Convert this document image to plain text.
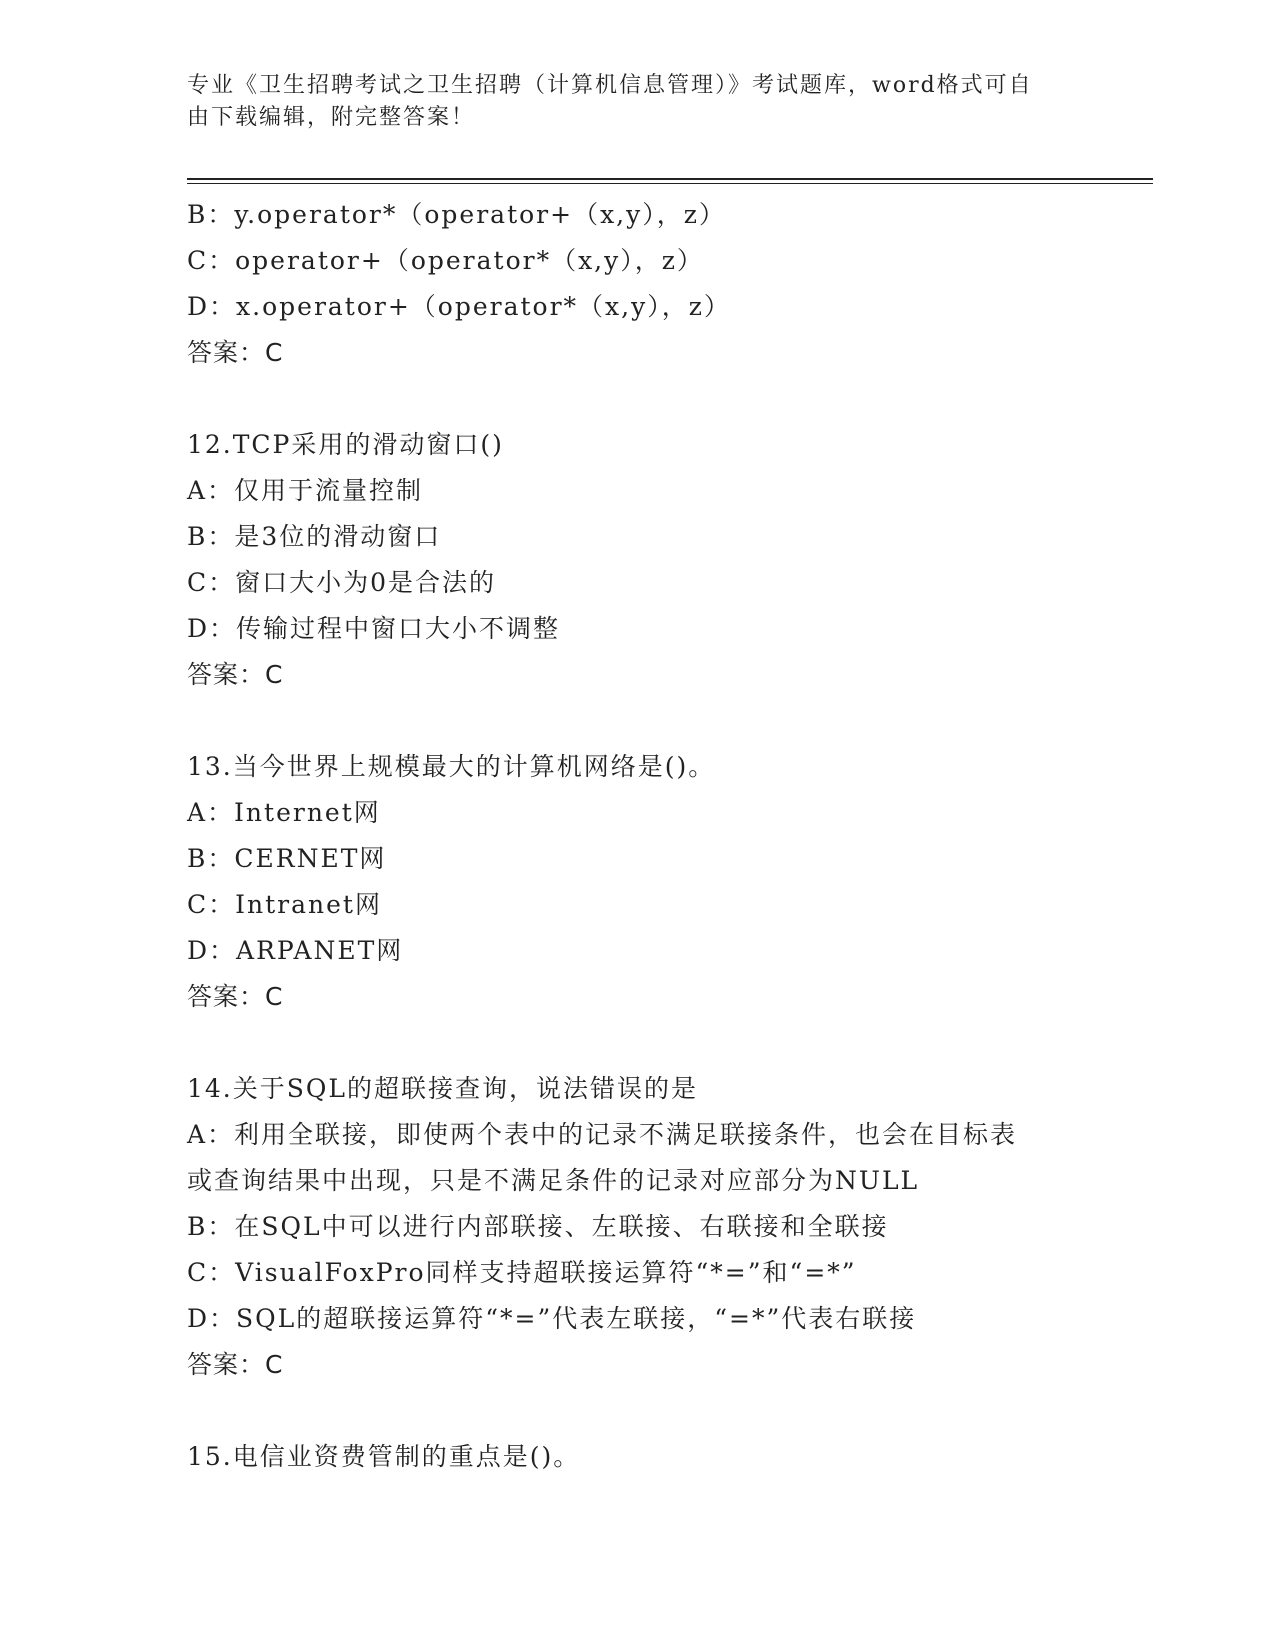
专业《卫生招聘考试之卫生招聘（计算机信息管理）》考试题库，word格式可自
由下载编辑，附完整答案！
B：y.operator*（operator+（x,y），z）
C：operator+（operator*（x,y），z）
D：x.operator+（operator*（x,y），z）
答案：C
12.TCP采用的滑动窗口()
A：仅用于流量控制
B：是3位的滑动窗口
C：窗口大小为0是合法的
D：传输过程中窗口大小不调整
答案：C
13.当今世界上规模最大的计算机网络是()。
A：Internet网
B：CERNET网
C：Intranet网
D：ARPANET网
答案：C
14.关于SQL的超联接查询，说法错误的是
A：利用全联接，即使两个表中的记录不满足联接条件，也会在目标表
或查询结果中出现，只是不满足条件的记录对应部分为NULL
B：在SQL中可以进行内部联接、左联接、右联接和全联接
C：VisualFoxPro同样支持超联接运算符“*=”和“=*”
D：SQL的超联接运算符“*=”代表左联接，“=*”代表右联接
答案：C
15.电信业资费管制的重点是()。
